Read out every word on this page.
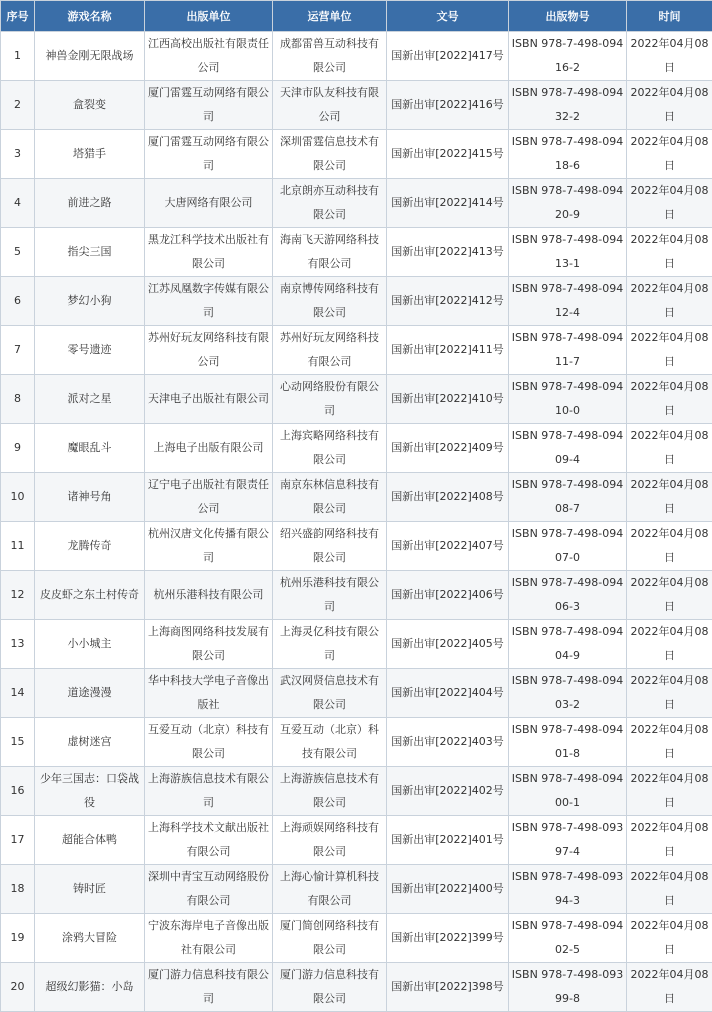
序号	游戏名称	出版单位	运营单位	文号	出版物号	时间
1	神兽金刚无限战场	江西高校出版社有限责任公司	成都雷兽互动科技有限公司	国新出审[2022]417号	ISBN 978-7-498-09416-2	2022年04月08日
2	盒裂变	厦门雷霆互动网络有限公司	天津市队友科技有限公司	国新出审[2022]416号	ISBN 978-7-498-09432-2	2022年04月08日
3	塔猎手	厦门雷霆互动网络有限公司	深圳雷霆信息技术有限公司	国新出审[2022]415号	ISBN 978-7-498-09418-6	2022年04月08日
4	前进之路	大唐网络有限公司	北京朗亦互动科技有限公司	国新出审[2022]414号	ISBN 978-7-498-09420-9	2022年04月08日
5	指尖三国	黑龙江科学技术出版社有限公司	海南飞天游网络科技有限公司	国新出审[2022]413号	ISBN 978-7-498-09413-1	2022年04月08日
6	梦幻小狗	江苏凤凰数字传媒有限公司	南京博传网络科技有限公司	国新出审[2022]412号	ISBN 978-7-498-09412-4	2022年04月08日
7	零号遗迹	苏州好玩友网络科技有限公司	苏州好玩友网络科技有限公司	国新出审[2022]411号	ISBN 978-7-498-09411-7	2022年04月08日
8	派对之星	天津电子出版社有限公司	心动网络股份有限公司	国新出审[2022]410号	ISBN 978-7-498-09410-0	2022年04月08日
9	魔眼乱斗	上海电子出版有限公司	上海宾略网络科技有限公司	国新出审[2022]409号	ISBN 978-7-498-09409-4	2022年04月08日
10	诸神号角	辽宁电子出版社有限责任公司	南京东林信息科技有限公司	国新出审[2022]408号	ISBN 978-7-498-09408-7	2022年04月08日
11	龙腾传奇	杭州汉唐文化传播有限公司	绍兴盛韵网络科技有限公司	国新出审[2022]407号	ISBN 978-7-498-09407-0	2022年04月08日
12	皮皮虾之东土村传奇	杭州乐港科技有限公司	杭州乐港科技有限公司	国新出审[2022]406号	ISBN 978-7-498-09406-3	2022年04月08日
13	小小城主	上海商图网络科技发展有限公司	上海灵亿科技有限公司	国新出审[2022]405号	ISBN 978-7-498-09404-9	2022年04月08日
14	道途漫漫	华中科技大学电子音像出版社	武汉网贤信息技术有限公司	国新出审[2022]404号	ISBN 978-7-498-09403-2	2022年04月08日
15	虚树迷宫	互爱互动（北京）科技有限公司	互爱互动（北京）科技有限公司	国新出审[2022]403号	ISBN 978-7-498-09401-8	2022年04月08日
16	少年三国志：口袋战役	上海游族信息技术有限公司	上海游族信息技术有限公司	国新出审[2022]402号	ISBN 978-7-498-09400-1	2022年04月08日
17	超能合体鸭	上海科学技术文献出版社有限公司	上海顽娱网络科技有限公司	国新出审[2022]401号	ISBN 978-7-498-09397-4	2022年04月08日
18	铸时匠	深圳中青宝互动网络股份有限公司	上海心愉计算机科技有限公司	国新出审[2022]400号	ISBN 978-7-498-09394-3	2022年04月08日
19	涂鸦大冒险	宁波东海岸电子音像出版社有限公司	厦门简创网络科技有限公司	国新出审[2022]399号	ISBN 978-7-498-09402-5	2022年04月08日
20	超级幻影猫：小岛	厦门游力信息科技有限公司	厦门游力信息科技有限公司	国新出审[2022]398号	ISBN 978-7-498-09399-8	2022年04月08日
